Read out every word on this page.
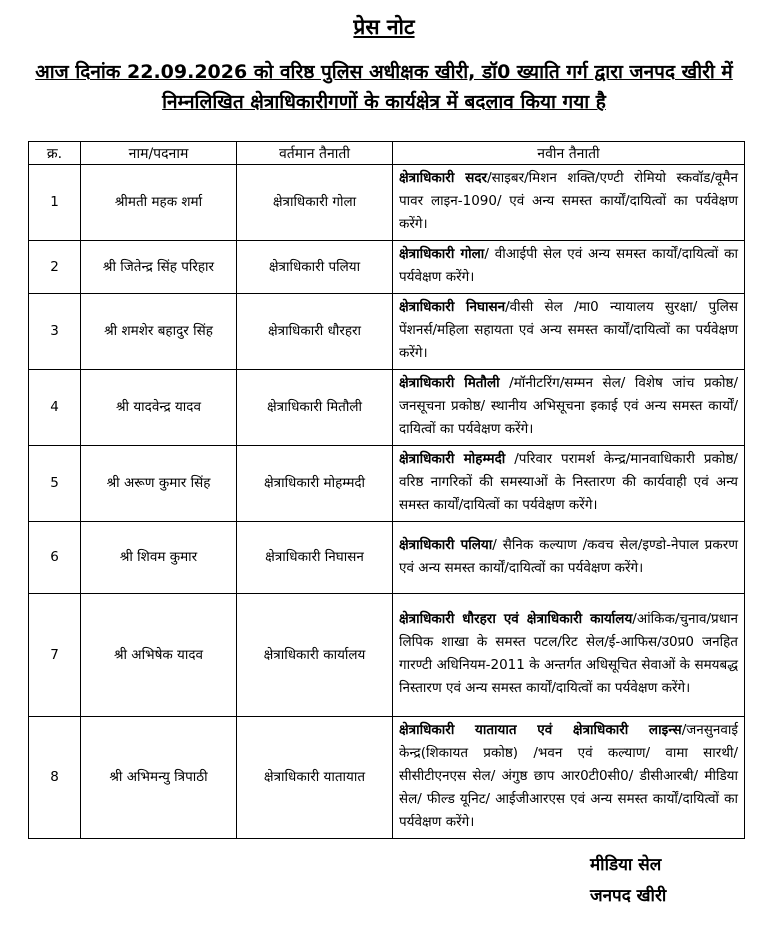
प्रेस नोट
आज दिनांक 22.09.2026 को वरिष्ठ पुलिस अधीक्षक खीरी, डॉ0 ख्याति गर्ग द्वारा जनपद खीरी में निम्नलिखित क्षेत्राधिकारीगणों के कार्यक्षेत्र में बदलाव किया गया है
क्र.	नाम/पदनाम	वर्तमान तैनाती	नवीन तैनाती
1	श्रीमती महक शर्मा	क्षेत्राधिकारी गोला	क्षेत्राधिकारी सदर/साइबर/मिशन शक्ति/एण्टी रोमियो स्कवॉड/वूमैन पावर लाइन-1090/ एवं अन्य समस्त कार्यों/दायित्वों का पर्यवेक्षण करेंगे।
2	श्री जितेन्द्र सिंह परिहार	क्षेत्राधिकारी पलिया	क्षेत्राधिकारी गोला/ वीआईपी सेल एवं अन्य समस्त कार्यों/दायित्वों का पर्यवेक्षण करेंगे।
3	श्री शमशेर बहादुर सिंह	क्षेत्राधिकारी धौरहरा	क्षेत्राधिकारी निघासन/वीसी सेल /मा0 न्यायालय सुरक्षा/ पुलिस पेंशनर्स/महिला सहायता एवं अन्य समस्त कार्यों/दायित्वों का पर्यवेक्षण करेंगे।
4	श्री यादवेन्द्र यादव	क्षेत्राधिकारी मितौली	क्षेत्राधिकारी मितौली /मॉनीटरिंग/सम्मन सेल/ विशेष जांच प्रकोष्ठ/ जनसूचना प्रकोष्ठ/ स्थानीय अभिसूचना इकाई एवं अन्य समस्त कार्यों/ दायित्वों का पर्यवेक्षण करेंगे।
5	श्री अरूण कुमार सिंह	क्षेत्राधिकारी मोहम्मदी	क्षेत्राधिकारी मोहम्मदी /परिवार परामर्श केन्द्र/मानवाधिकारी प्रकोष्ठ/वरिष्ठ नागरिकों की समस्याओं के निस्तारण की कार्यवाही एवं अन्य समस्त कार्यों/दायित्वों का पर्यवेक्षण करेंगे।
6	श्री शिवम कुमार	क्षेत्राधिकारी निघासन	क्षेत्राधिकारी पलिया/ सैनिक कल्याण /कवच सेल/इण्डो-नेपाल प्रकरण एवं अन्य समस्त कार्यों/दायित्वों का पर्यवेक्षण करेंगे।
7	श्री अभिषेक यादव	क्षेत्राधिकारी कार्यालय	क्षेत्राधिकारी धौरहरा एवं क्षेत्राधिकारी कार्यालय/आंकिक/चुनाव/प्रधान लिपिक शाखा के समस्त पटल/रिट सेल/ई-आफिस/उ0प्र0 जनहित गारण्टी अधिनियम-2011 के अन्तर्गत अधिसूचित सेवाओं के समयबद्ध निस्तारण एवं अन्य समस्त कार्यों/दायित्वों का पर्यवेक्षण करेंगे।
8	श्री अभिमन्यु त्रिपाठी	क्षेत्राधिकारी यातायात	क्षेत्राधिकारी यातायात एवं क्षेत्राधिकारी लाइन्स/जनसुनवाई केन्द्र(शिकायत प्रकोष्ठ) /भवन एवं कल्याण/ वामा सारथी/ सीसीटीएनएस सेल/ अंगुष्ठ छाप आर0टी0सी0/ डीसीआरबी/ मीडिया सेल/ फील्ड यूनिट/ आईजीआरएस एवं अन्य समस्त कार्यों/दायित्वों का पर्यवेक्षण करेंगे।
मीडिया सेल
जनपद खीरी
